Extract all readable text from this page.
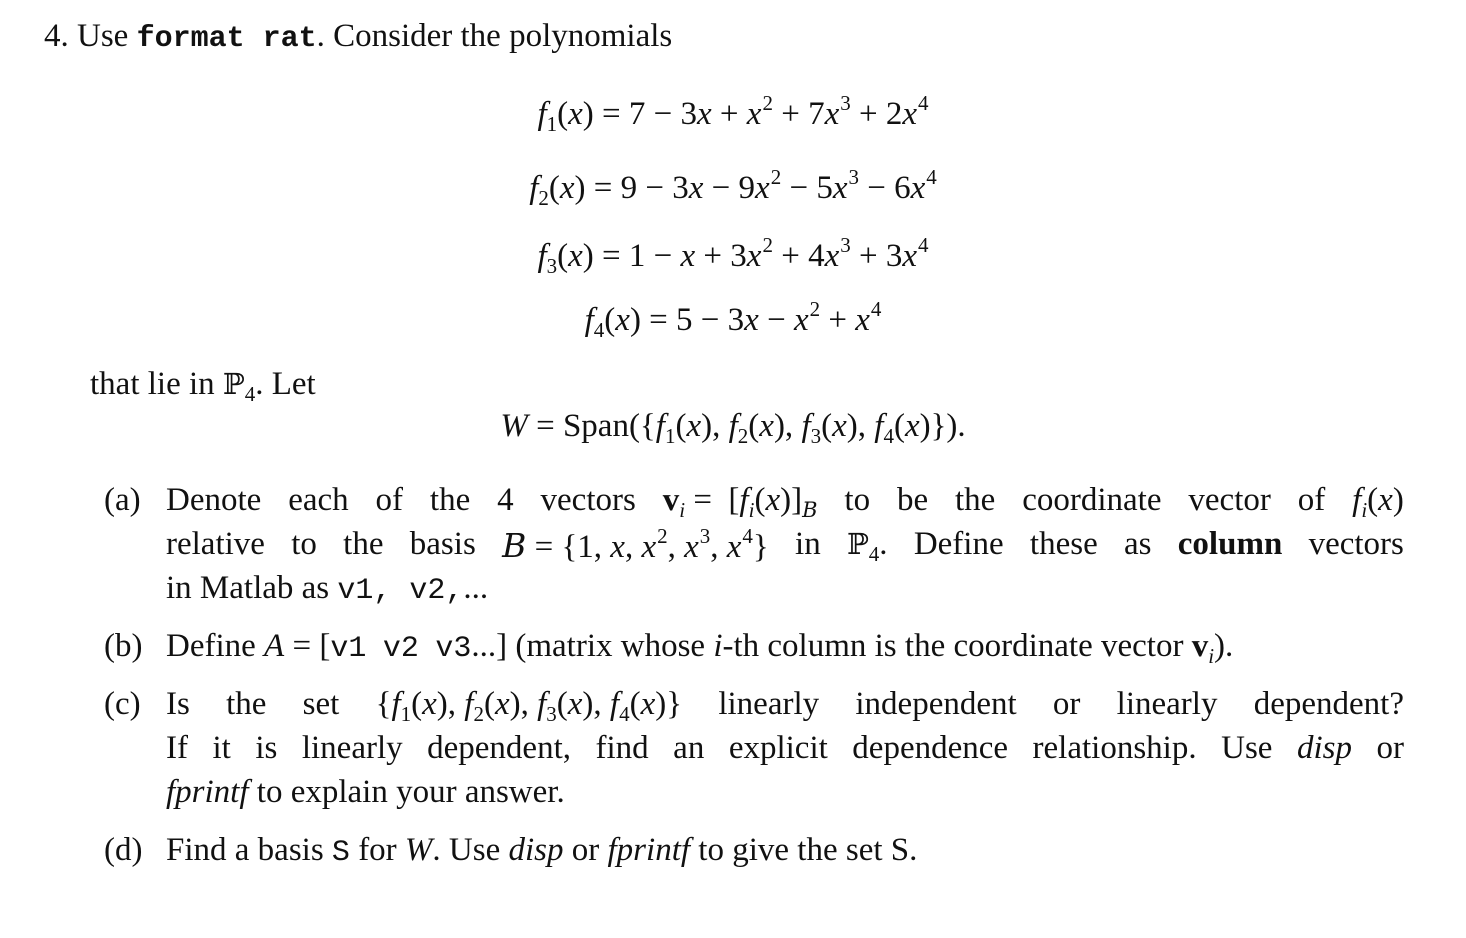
4. Use format rat. Consider the polynomials
$f_1(x) = 7 - 3x + x^2 + 7x^3 + 2x^4$
$f_2(x) = 9 - 3x - 9x^2 - 5x^3 - 6x^4$
$f_3(x) = 1 - x + 3x^2 + 4x^3 + 3x^4$
$f_4(x) = 5 - 3x - x^2 + x^4$
that lie in ℙ$_4$. Let
$W = Span(\{f_1(x)$, $f_2(x)$, $f_3(x)$, $f_4(x)$}).
(a) Denote each of the 4 vectors $v_i = [f_i(x)]_B$ to be the coordinate vector of $f_i(x)$
relative to the basis B = {1, x, $x^2$, $x^3$, $x^4$} in ℙ$_4$. Define these as column vectors
in Matlab as v1, v2,...
(b) Define A = [v1 v2 v3...] (matrix whose i-th column is the coordinate vector $v_i$).
(c) Is the set {$f_1(x)$, $f_2(x)$, $f_3(x)$, $f_4(x)$} linearly independent or linearly dependent?
If it is linearly dependent, find an explicit dependence relationship. Use disp or
fprintf to explain your answer.
(d) Find a basis S for W. Use disp or fprintf to give the set S.
